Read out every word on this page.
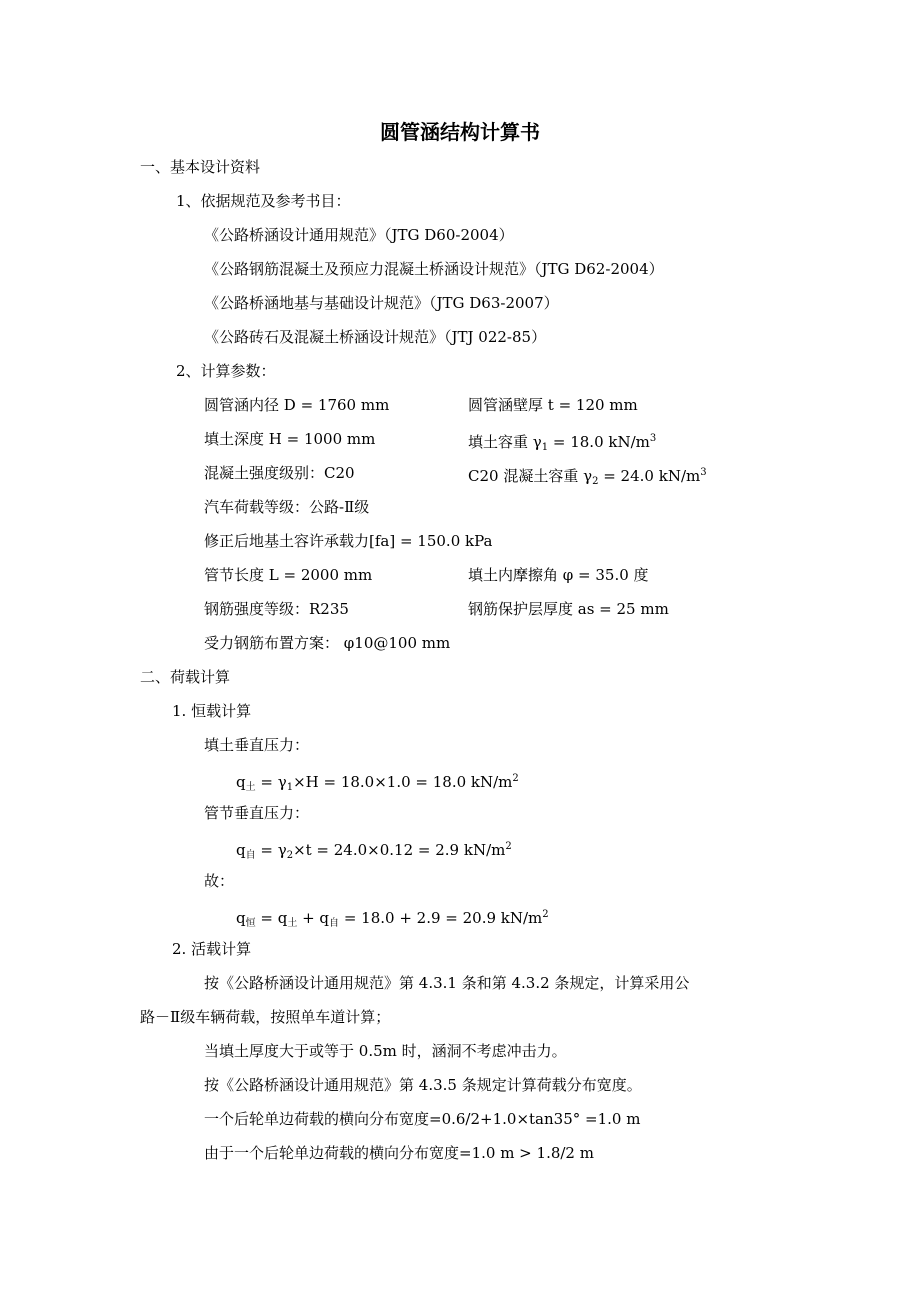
圆管涵结构计算书
一、基本设计资料
1、依据规范及参考书目：
《公路桥涵设计通用规范》（JTG D60-2004）
《公路钢筋混凝土及预应力混凝土桥涵设计规范》（JTG D62-2004）
《公路桥涵地基与基础设计规范》（JTG D63-2007）
《公路砖石及混凝土桥涵设计规范》（JTJ 022-85）
2、计算参数：
圆管涵内径 D = 1760 mm	圆管涵壁厚 t = 120 mm
填土深度 H = 1000 mm	填土容重 $\gamma_1 = 18.0$ $kN/m^3$
混凝土强度级别：C20	C20 混凝土容重 $\gamma_2 = 24.0$ $kN/m^3$
汽车荷载等级：公路-Ⅱ级
修正后地基土容许承载力[fa] = 150.0 kPa
管节长度 L = 2000 mm	填土内摩擦角 φ = 35.0 度
钢筋强度等级：R235	钢筋保护层厚度 as = 25 mm
受力钢筋布置方案： φ10@100 mm
二、荷载计算
1. 恒载计算
填土垂直压力：
$q_土 = \gamma_1\times H = 18.0\times 1.0 = 18.0$ $kN/m^2$
管节垂直压力：
$q_自 = \gamma_2\times t = 24.0\times 0.12 = 2.9$ $kN/m^2$
故：
$q_恒 = q_土 + q_自 = 18.0 + 2.9 = 20.9$ $kN/m^2$
2. 活载计算
按《公路桥涵设计通用规范》第 4.3.1 条和第 4.3.2 条规定，计算采用公
路－Ⅱ级车辆荷载，按照单车道计算；
当填土厚度大于或等于 0.5m 时，涵洞不考虑冲击力。
按《公路桥涵设计通用规范》第 4.3.5 条规定计算荷载分布宽度。
一个后轮单边荷载的横向分布宽度=0.6/2+1.0×tan35° =1.0 m
由于一个后轮单边荷载的横向分布宽度=1.0 m > 1.8/2 m
